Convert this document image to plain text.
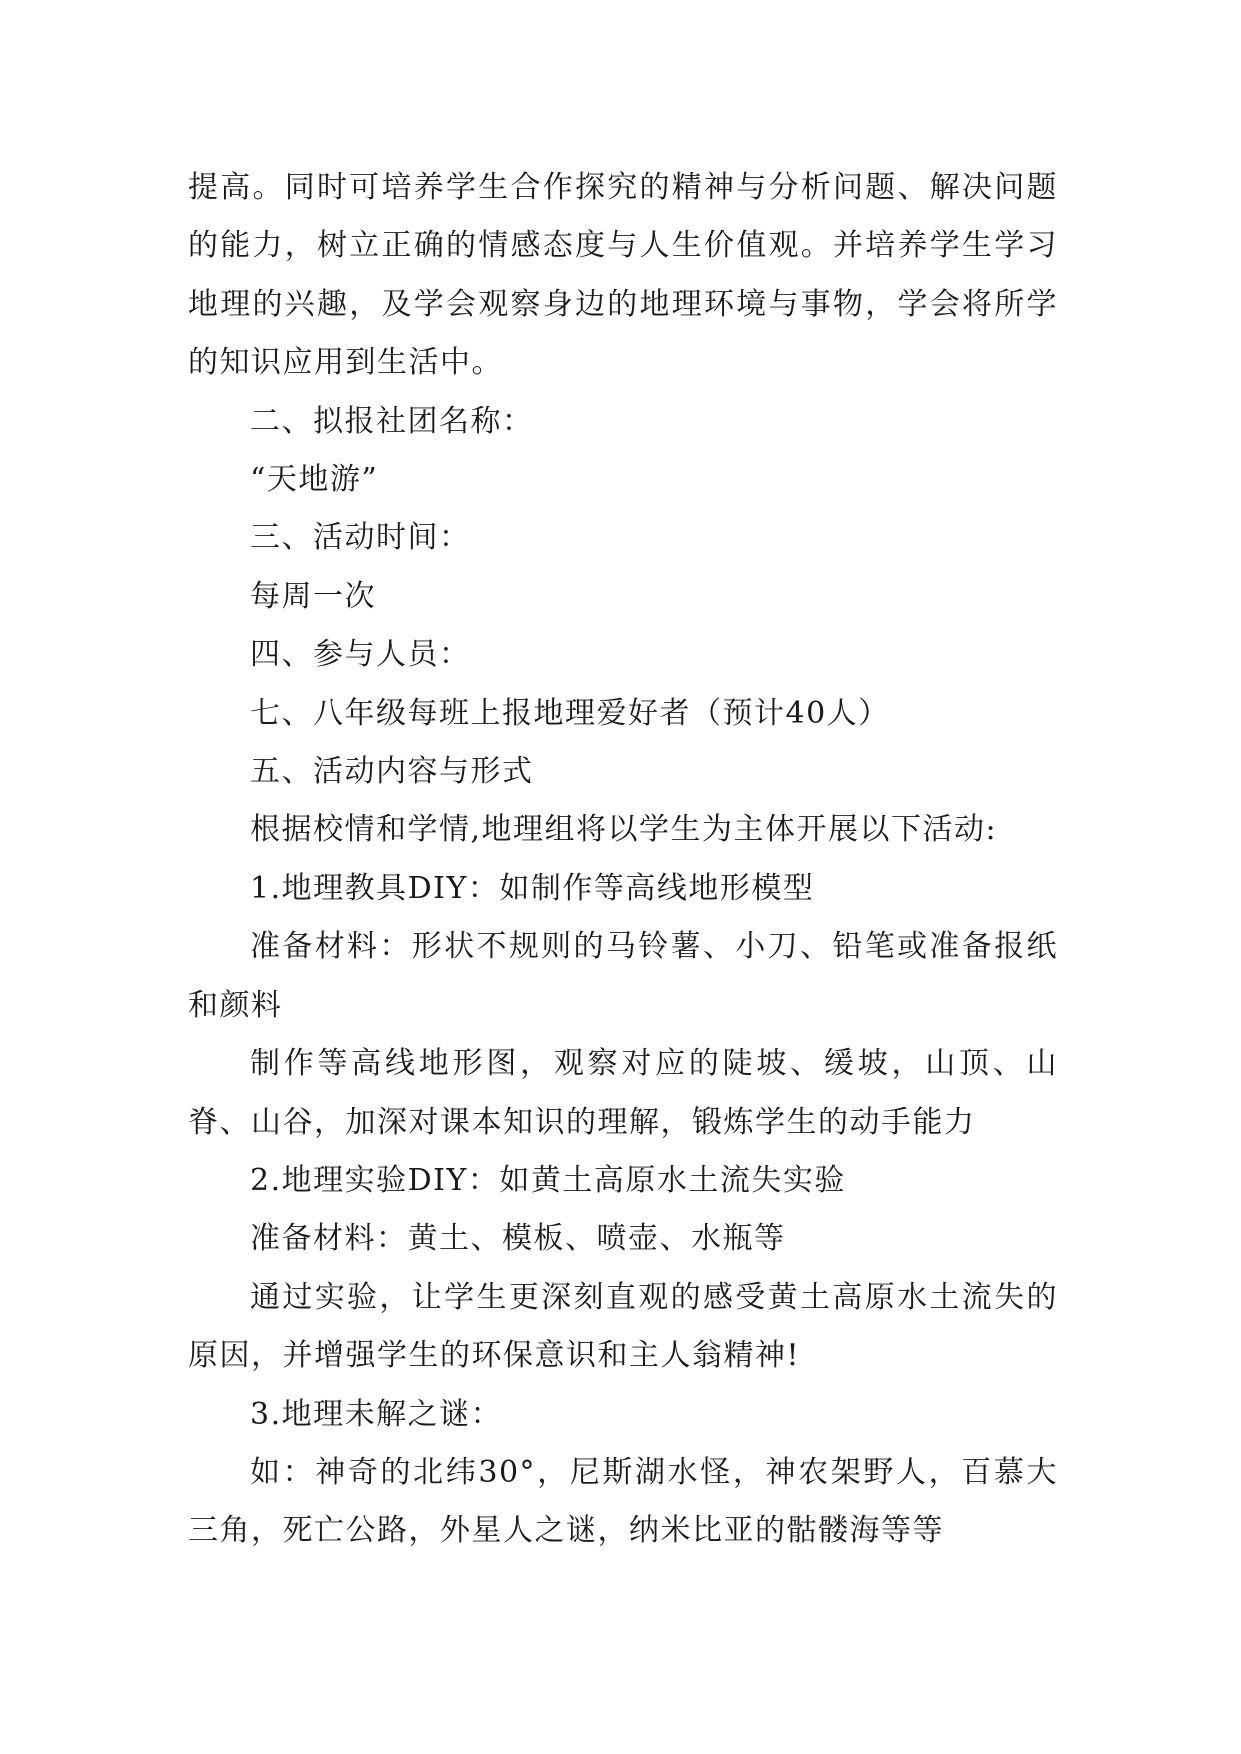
提高。同时可培养学生合作探究的精神与分析问题、解决问题的能力，树立正确的情感态度与人生价值观。并培养学生学习地理的兴趣，及学会观察身边的地理环境与事物，学会将所学的知识应用到生活中。

二、拟报社团名称：

“天地游”

三、活动时间：

每周一次

四、参与人员：

七、八年级每班上报地理爱好者（预计40人）

五、活动内容与形式

根据校情和学情,地理组将以学生为主体开展以下活动:

1.地理教具DIY：如制作等高线地形模型

准备材料：形状不规则的马铃薯、小刀、铅笔或准备报纸和颜料

制作等高线地形图，观察对应的陡坡、缓坡，山顶、山脊、山谷，加深对课本知识的理解，锻炼学生的动手能力

2.地理实验DIY：如黄土高原水土流失实验

准备材料：黄土、模板、喷壶、水瓶等

通过实验，让学生更深刻直观的感受黄土高原水土流失的原因，并增强学生的环保意识和主人翁精神!

3.地理未解之谜：

如：神奇的北纬30°，尼斯湖水怪，神农架野人，百慕大三角，死亡公路，外星人之谜，纳米比亚的骷髅海等等
